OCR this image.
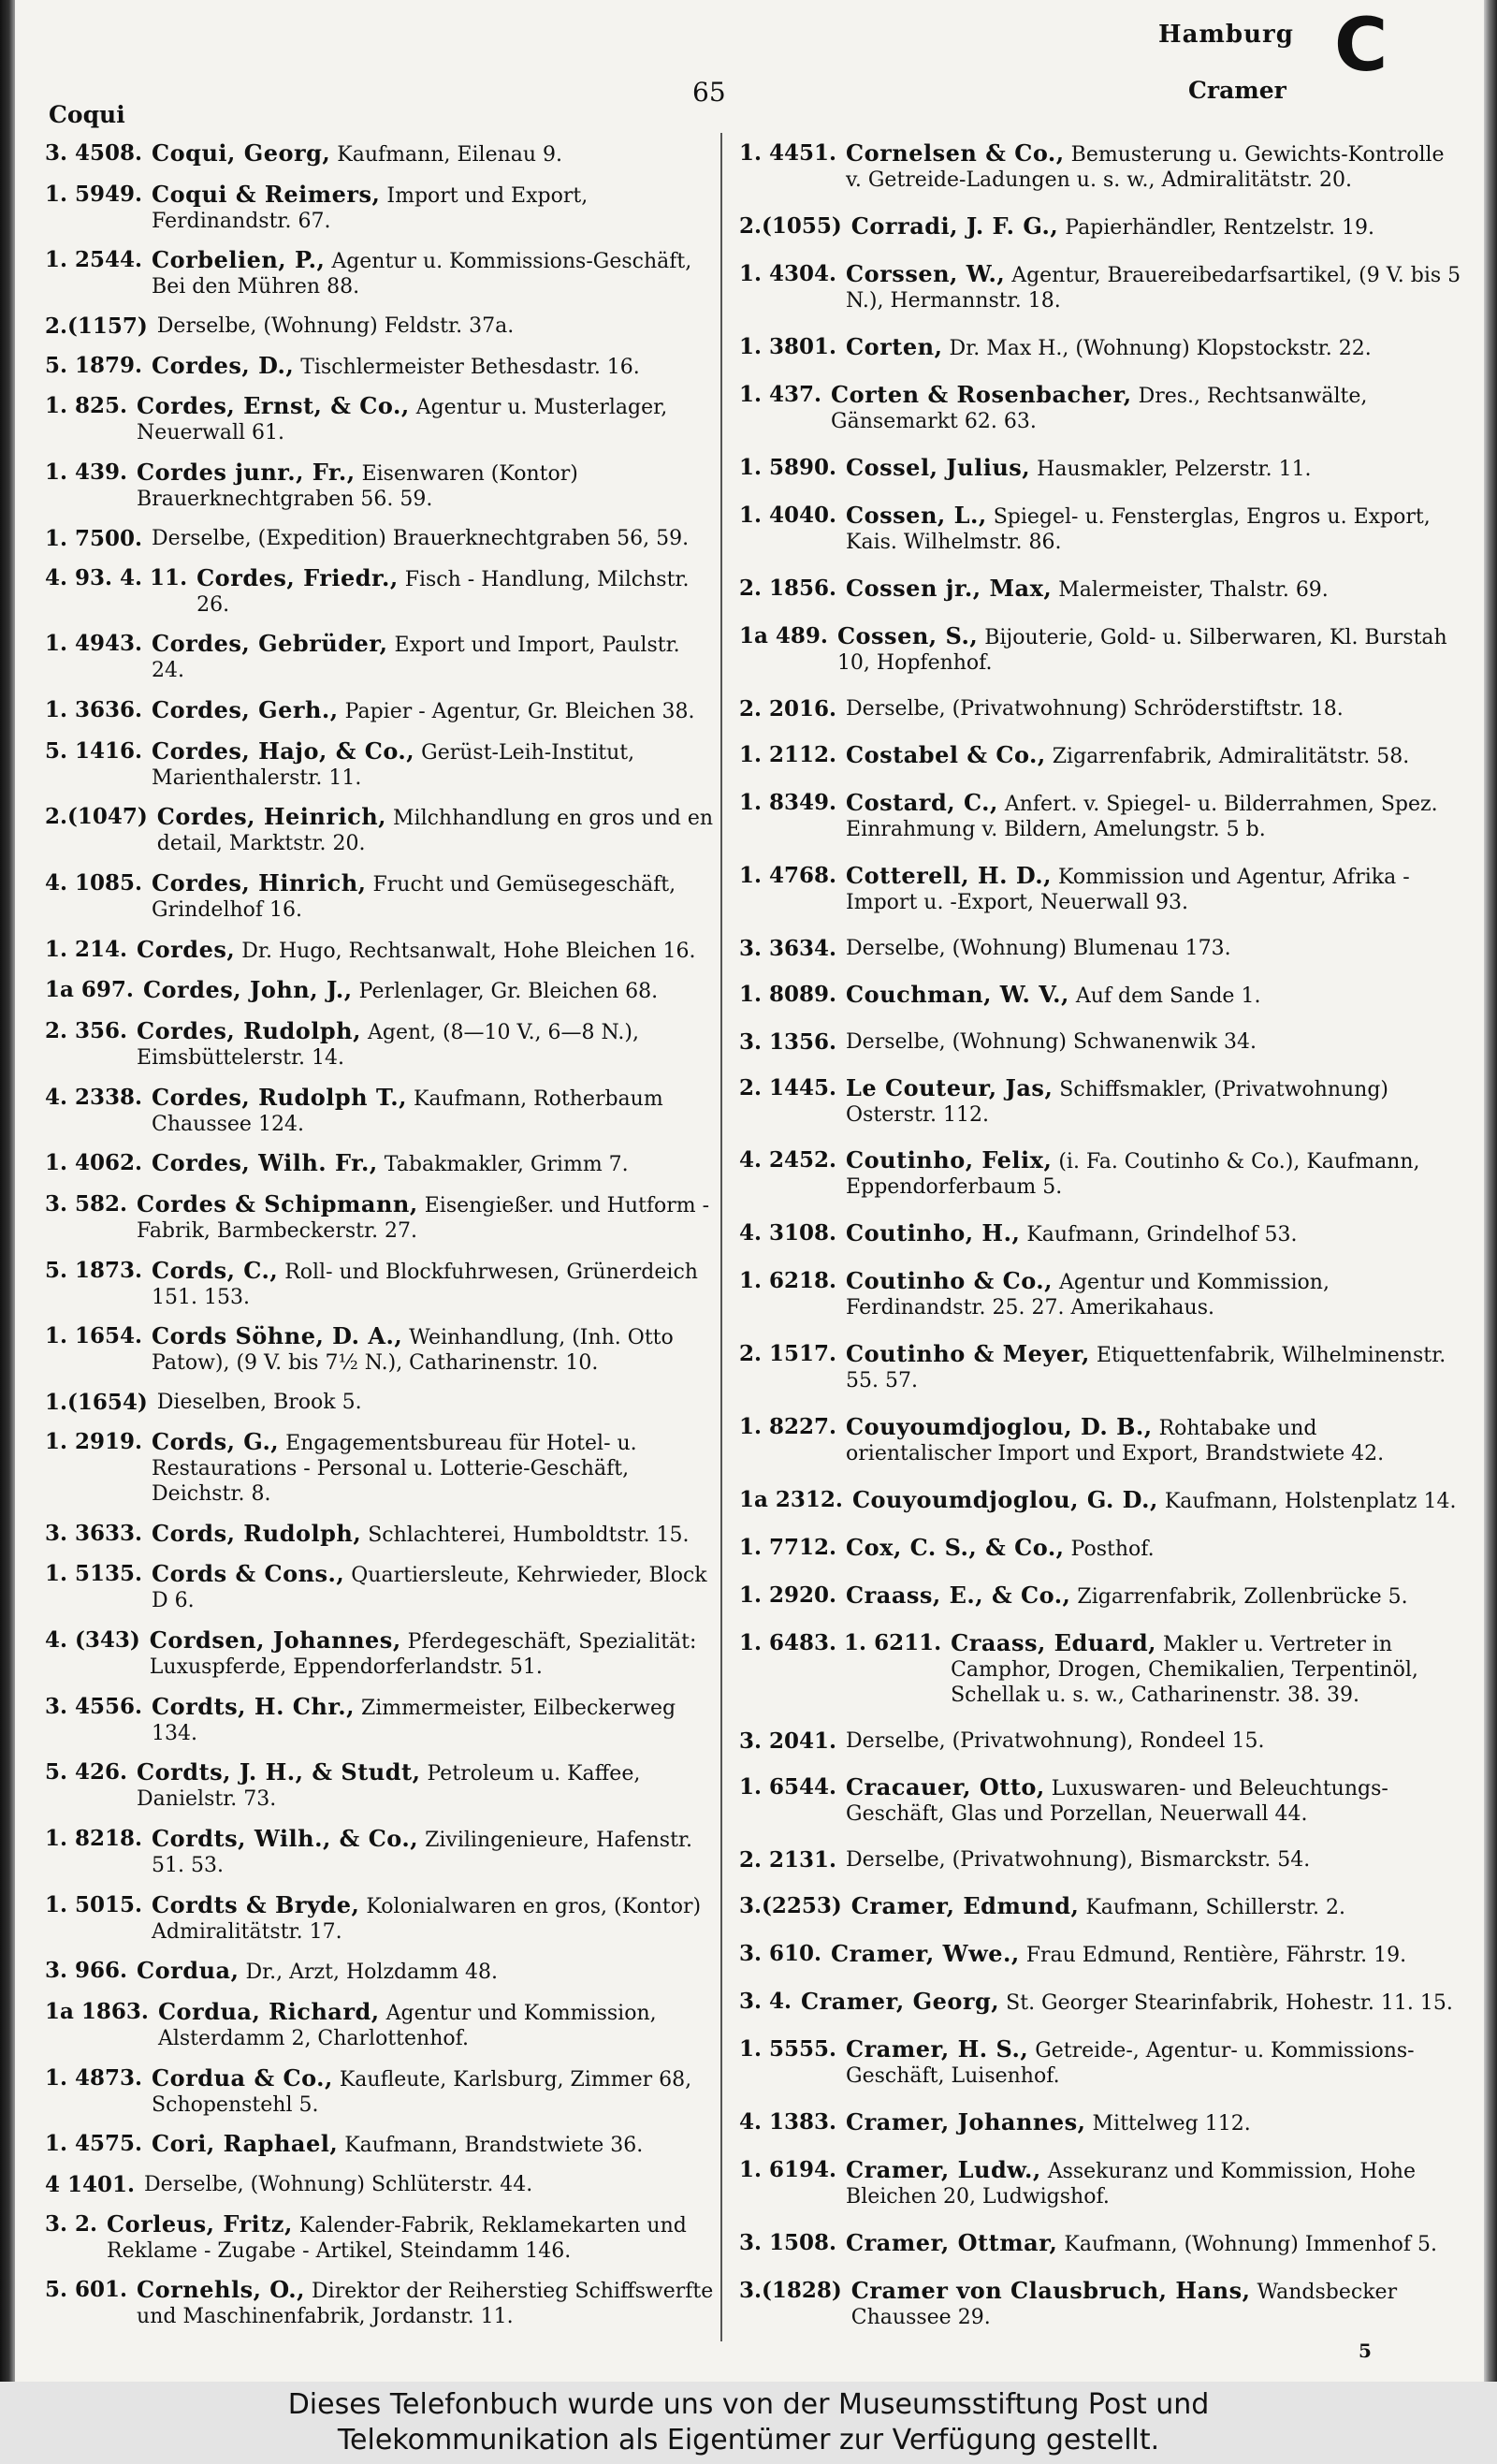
Coqui
65
Hamburg
Cramer
C
3. 4508. Coqui, Georg, Kaufmann, Eilenau 9.
1. 5949. Coqui & Reimers, Import und Export, Ferdinandstr. 67.
1. 2544. Corbelien, P., Agentur u. Kommissions-Geschäft, Bei den Mühren 88.
2.(1157) Derselbe, (Wohnung) Feldstr. 37a.
5. 1879. Cordes, D., Tischlermeister Bethesdastr. 16.
1. 825. Cordes, Ernst, & Co., Agentur u. Musterlager, Neuerwall 61.
1. 439. Cordes junr., Fr., Eisenwaren (Kontor) Brauerknechtgraben 56. 59.
1. 7500. Derselbe, (Expedition) Brauerknechtgraben 56, 59.
4. 93. 4. 11. Cordes, Friedr., Fisch - Handlung, Milchstr. 26.
1. 4943. Cordes, Gebrüder, Export und Import, Paulstr. 24.
1. 3636. Cordes, Gerh., Papier - Agentur, Gr. Bleichen 38.
5. 1416. Cordes, Hajo, & Co., Gerüst-Leih-Institut, Marienthalerstr. 11.
2.(1047) Cordes, Heinrich, Milchhandlung en gros und en detail, Marktstr. 20.
4. 1085. Cordes, Hinrich, Frucht und Gemüsegeschäft, Grindelhof 16.
1. 214. Cordes, Dr. Hugo, Rechtsanwalt, Hohe Bleichen 16.
1a 697. Cordes, John, J., Perlenlager, Gr. Bleichen 68.
2. 356. Cordes, Rudolph, Agent, (8—10 V., 6—8 N.), Eimsbüttelerstr. 14.
4. 2338. Cordes, Rudolph T., Kaufmann, Rotherbaum Chaussee 124.
1. 4062. Cordes, Wilh. Fr., Tabakmakler, Grimm 7.
3. 582. Cordes & Schipmann, Eisengießer. und Hutform - Fabrik, Barmbeckerstr. 27.
5. 1873. Cords, C., Roll- und Blockfuhrwesen, Grünerdeich 151. 153.
1. 1654. Cords Söhne, D. A., Weinhandlung, (Inh. Otto Patow), (9 V. bis 7½ N.), Catharinenstr. 10.
1.(1654) Dieselben, Brook 5.
1. 2919. Cords, G., Engagementsbureau für Hotel- u. Restaurations - Personal u. Lotterie-Geschäft, Deichstr. 8.
3. 3633. Cords, Rudolph, Schlachterei, Humboldtstr. 15.
1. 5135. Cords & Cons., Quartiersleute, Kehrwieder, Block D 6.
4. (343) Cordsen, Johannes, Pferdegeschäft, Spezialität: Luxuspferde, Eppendorferlandstr. 51.
3. 4556. Cordts, H. Chr., Zimmermeister, Eilbeckerweg 134.
5. 426. Cordts, J. H., & Studt, Petroleum u. Kaffee, Danielstr. 73.
1. 8218. Cordts, Wilh., & Co., Zivilingenieure, Hafenstr. 51. 53.
1. 5015. Cordts & Bryde, Kolonialwaren en gros, (Kontor) Admiralitätstr. 17.
3. 966. Cordua, Dr., Arzt, Holzdamm 48.
1a 1863. Cordua, Richard, Agentur und Kommission, Alsterdamm 2, Charlottenhof.
1. 4873. Cordua & Co., Kaufleute, Karlsburg, Zimmer 68, Schopenstehl 5.
1. 4575. Cori, Raphael, Kaufmann, Brandstwiete 36.
4 1401. Derselbe, (Wohnung) Schlüterstr. 44.
3. 2. Corleus, Fritz, Kalender-Fabrik, Reklamekarten und Reklame - Zugabe - Artikel, Steindamm 146.
5. 601. Cornehls, O., Direktor der Reiherstieg Schiffswerfte und Maschinenfabrik, Jordanstr. 11.
1. 4451. Cornelsen & Co., Bemusterung u. Gewichts-Kontrolle v. Getreide-Ladungen u. s. w., Admiralitätstr. 20.
2.(1055) Corradi, J. F. G., Papierhändler, Rentzelstr. 19.
1. 4304. Corssen, W., Agentur, Brauereibedarfsartikel, (9 V. bis 5 N.), Hermannstr. 18.
1. 3801. Corten, Dr. Max H., (Wohnung) Klopstockstr. 22.
1. 437. Corten & Rosenbacher, Dres., Rechtsanwälte, Gänsemarkt 62. 63.
1. 5890. Cossel, Julius, Hausmakler, Pelzerstr. 11.
1. 4040. Cossen, L., Spiegel- u. Fensterglas, Engros u. Export, Kais. Wilhelmstr. 86.
2. 1856. Cossen jr., Max, Malermeister, Thalstr. 69.
1a 489. Cossen, S., Bijouterie, Gold- u. Silberwaren, Kl. Burstah 10, Hopfenhof.
2. 2016. Derselbe, (Privatwohnung) Schröderstiftstr. 18.
1. 2112. Costabel & Co., Zigarrenfabrik, Admiralitätstr. 58.
1. 8349. Costard, C., Anfert. v. Spiegel- u. Bilderrahmen, Spez. Einrahmung v. Bildern, Amelungstr. 5 b.
1. 4768. Cotterell, H. D., Kommission und Agentur, Afrika - Import u. -Export, Neuerwall 93.
3. 3634. Derselbe, (Wohnung) Blumenau 173.
1. 8089. Couchman, W. V., Auf dem Sande 1.
3. 1356. Derselbe, (Wohnung) Schwanenwik 34.
2. 1445. Le Couteur, Jas, Schiffsmakler, (Privatwohnung) Osterstr. 112.
4. 2452. Coutinho, Felix, (i. Fa. Coutinho & Co.), Kaufmann, Eppendorferbaum 5.
4. 3108. Coutinho, H., Kaufmann, Grindelhof 53.
1. 6218. Coutinho & Co., Agentur und Kommission, Ferdinandstr. 25. 27. Amerikahaus.
2. 1517. Coutinho & Meyer, Etiquettenfabrik, Wilhelminenstr. 55. 57.
1. 8227. Couyoumdjoglou, D. B., Rohtabake und orientalischer Import und Export, Brandstwiete 42.
1a 2312. Couyoumdjoglou, G. D., Kaufmann, Holstenplatz 14.
1. 7712. Cox, C. S., & Co., Posthof.
1. 2920. Craass, E., & Co., Zigarrenfabrik, Zollenbrücke 5.
1. 6483. 1. 6211. Craass, Eduard, Makler u. Vertreter in Camphor, Drogen, Chemikalien, Terpentinöl, Schellak u. s. w., Catharinenstr. 38. 39.
3. 2041. Derselbe, (Privatwohnung), Rondeel 15.
1. 6544. Cracauer, Otto, Luxuswaren- und Beleuchtungs-Geschäft, Glas und Porzellan, Neuerwall 44.
2. 2131. Derselbe, (Privatwohnung), Bismarckstr. 54.
3.(2253) Cramer, Edmund, Kaufmann, Schillerstr. 2.
3. 610. Cramer, Wwe., Frau Edmund, Rentière, Fährstr. 19.
3. 4. Cramer, Georg, St. Georger Stearinfabrik, Hohestr. 11. 15.
1. 5555. Cramer, H. S., Getreide-, Agentur- u. Kommissions-Geschäft, Luisenhof.
4. 1383. Cramer, Johannes, Mittelweg 112.
1. 6194. Cramer, Ludw., Assekuranz und Kommission, Hohe Bleichen 20, Ludwigshof.
3. 1508. Cramer, Ottmar, Kaufmann, (Wohnung) Immenhof 5.
3.(1828) Cramer von Clausbruch, Hans, Wandsbecker Chaussee 29.
5
Dieses Telefonbuch wurde uns von der Museumsstiftung Post und
Telekommunikation als Eigentümer zur Verfügung gestellt.
